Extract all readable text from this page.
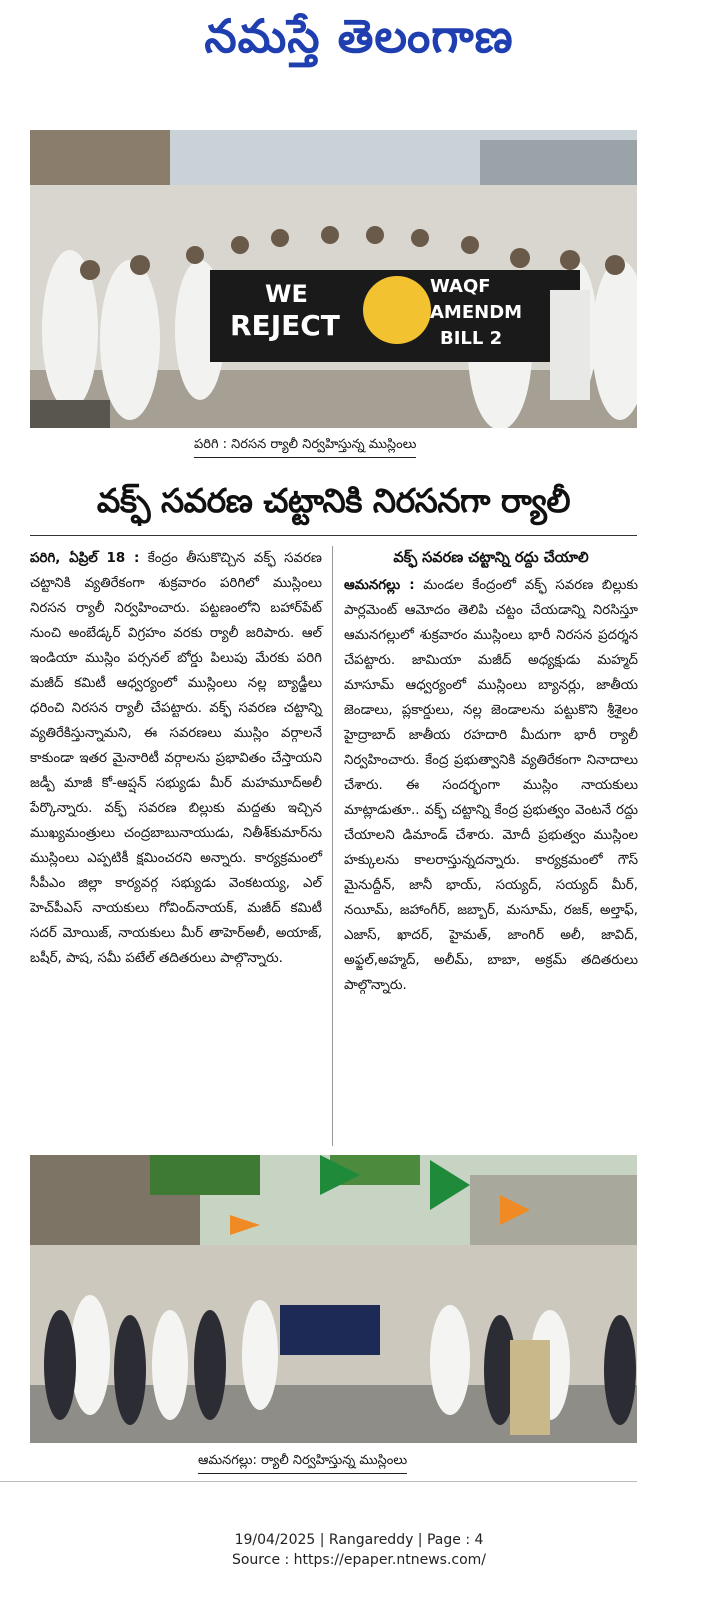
నమస్తే తెలంగాణ
WE
REJECT
WAQF
AMENDM
BILL 2
పరిగి : నిరసన ర్యాలీ నిర్వహిస్తున్న ముస్లింలు
వక్ఫ్ సవరణ చట్టానికి నిరసనగా ర్యాలీ
పరిగి, ఏప్రిల్ 18 : కేంద్రం తీసుకొచ్చిన వక్ఫ్ సవరణ చట్టానికి వ్యతిరేకంగా శుక్రవారం పరిగిలో ముస్లింలు నిరసన ర్యాలీ నిర్వహించారు. పట్టణంలోని బహార్‌పేట్ నుంచి అంబేడ్కర్ విగ్రహం వరకు ర్యాలీ జరిపారు. ఆల్ ఇండియా ముస్లిం పర్సనల్ బోర్డు పిలుపు మేరకు పరిగి మజీద్ కమిటీ ఆధ్వర్యంలో ముస్లింలు నల్ల బ్యాడ్జీలు ధరించి నిరసన ర్యాలీ చేపట్టారు. వక్ఫ్ సవరణ చట్టాన్ని వ్యతిరేకిస్తున్నామని, ఈ సవరణలు ముస్లిం వర్గాలనే కాకుండా ఇతర మైనారిటీ వర్గాలను ప్రభావితం చేస్తాయని జడ్పీ మాజీ కో-ఆప్షన్ సభ్యుడు మీర్ మహమూద్‌అలీ పేర్కొన్నారు. వక్ఫ్ సవరణ బిల్లుకు మద్దతు ఇచ్చిన ముఖ్యమంత్రులు చంద్రబాబునాయుడు, నితీశ్‌కుమార్‌ను ముస్లింలు ఎప్పటికీ క్షమించరని అన్నారు. కార్యక్రమంలో సీపీఎం జిల్లా కార్యవర్గ సభ్యుడు వెంకటయ్య, ఎల్ హెచ్‌పీఎస్ నాయకులు గోవింద్‌నాయక్, మజీద్ కమిటీ సదర్ మోయిజ్, నాయకులు మీర్ తాహెర్‌అలీ, అయాజ్, బషీర్, పాష, సమీ పటేల్ తదితరులు పాల్గొన్నారు.
వక్ఫ్ సవరణ చట్టాన్ని రద్దు చేయాలి
ఆమనగల్లు : మండల కేంద్రంలో వక్ఫ్ సవరణ బిల్లుకు పార్లమెంట్ ఆమోదం తెలిపి చట్టం చేయడాన్ని నిరసిస్తూ ఆమనగల్లులో శుక్రవారం ముస్లింలు భారీ నిరసన ప్రదర్శన చేపట్టారు. జామియా మజీద్ అధ్యక్షుడు మహ్మద్ మాసూమ్ ఆధ్వర్యంలో ముస్లింలు బ్యానర్లు, జాతీయ జెండాలు, ప్లకార్డులు, నల్ల జెండాలను పట్టుకొని శ్రీశైలం హైద్రాబాద్ జాతీయ రహదారి మీదుగా భారీ ర్యాలీ నిర్వహించారు. కేంద్ర ప్రభుత్వానికి వ్యతిరేకంగా నినాదాలు చేశారు. ఈ సందర్భంగా ముస్లిం నాయకులు మాట్లాడుతూ.. వక్ఫ్ చట్టాన్ని కేంద్ర ప్రభుత్వం వెంటనే రద్దు చేయాలని డిమాండ్ చేశారు. మోదీ ప్రభుత్వం ముస్లింల హక్కులను కాలరాస్తున్నదన్నారు. కార్యక్రమంలో గౌస్ మైనుద్దీన్, జానీ భాయ్, సయ్యద్, సయ్యద్ మీర్, నయీమ్, జహాంగీర్, జబ్బార్, మసూమ్, రజక్, అల్తాఫ్, ఎజాస్, ఖాదర్, హైమత్, జాంగిర్ అలీ, జావిద్, అఫ్జల్,అహ్మద్, అలీమ్, బాబా, అక్రమ్ తదితరులు పాల్గొన్నారు.
ఆమనగల్లు: ర్యాలీ నిర్వహిస్తున్న ముస్లింలు
19/04/2025 | Rangareddy | Page : 4
Source : https://epaper.ntnews.com/
